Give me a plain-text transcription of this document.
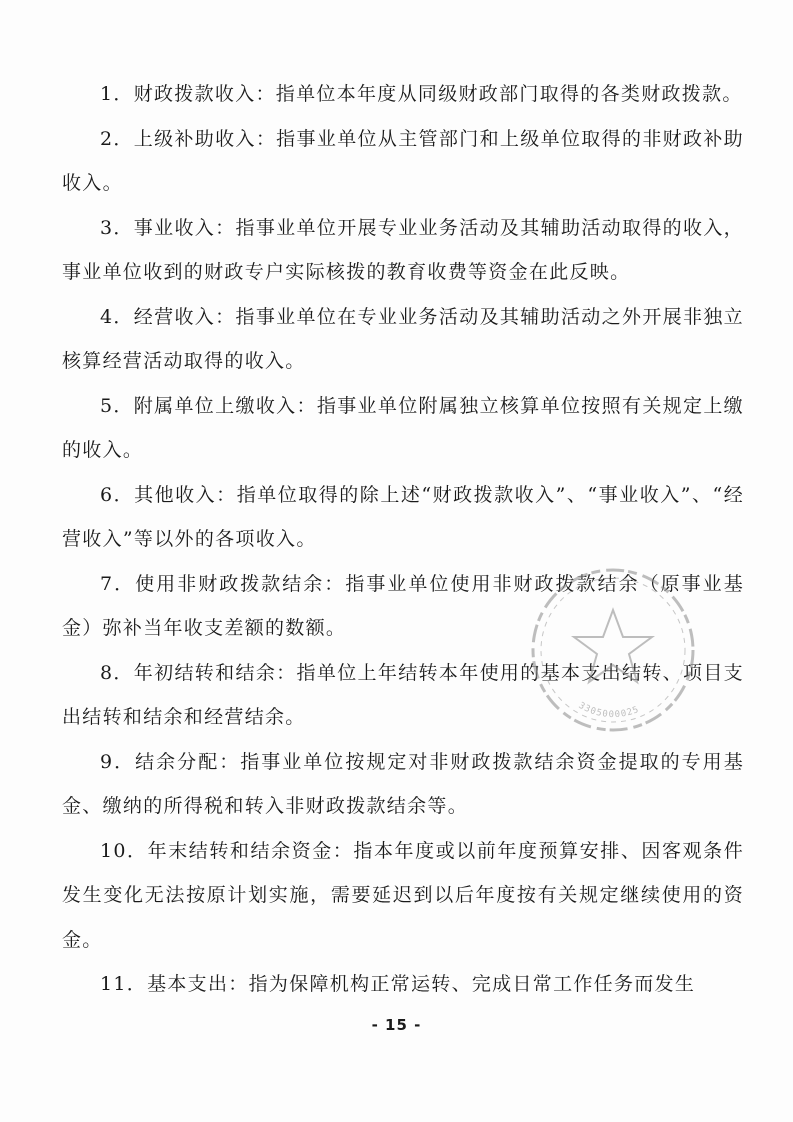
1．财政拨款收入：指单位本年度从同级财政部门取得的各类财政拨款。

2．上级补助收入：指事业单位从主管部门和上级单位取得的非财政补助收入。

3．事业收入：指事业单位开展专业业务活动及其辅助活动取得的收入，事业单位收到的财政专户实际核拨的教育收费等资金在此反映。

4．经营收入：指事业单位在专业业务活动及其辅助活动之外开展非独立核算经营活动取得的收入。

5．附属单位上缴收入：指事业单位附属独立核算单位按照有关规定上缴的收入。

6．其他收入：指单位取得的除上述“财政拨款收入”、“事业收入”、“经营收入”等以外的各项收入。

7．使用非财政拨款结余：指事业单位使用非财政拨款结余（原事业基金）弥补当年收支差额的数额。

8．年初结转和结余：指单位上年结转本年使用的基本支出结转、项目支出结转和结余和经营结余。

9．结余分配：指事业单位按规定对非财政拨款结余资金提取的专用基金、缴纳的所得税和转入非财政拨款结余等。

10．年末结转和结余资金：指本年度或以前年度预算安排、因客观条件发生变化无法按原计划实施，需要延迟到以后年度按有关规定继续使用的资金。

11．基本支出：指为保障机构正常运转、完成日常工作任务而发生

3305000025
- 15 -
